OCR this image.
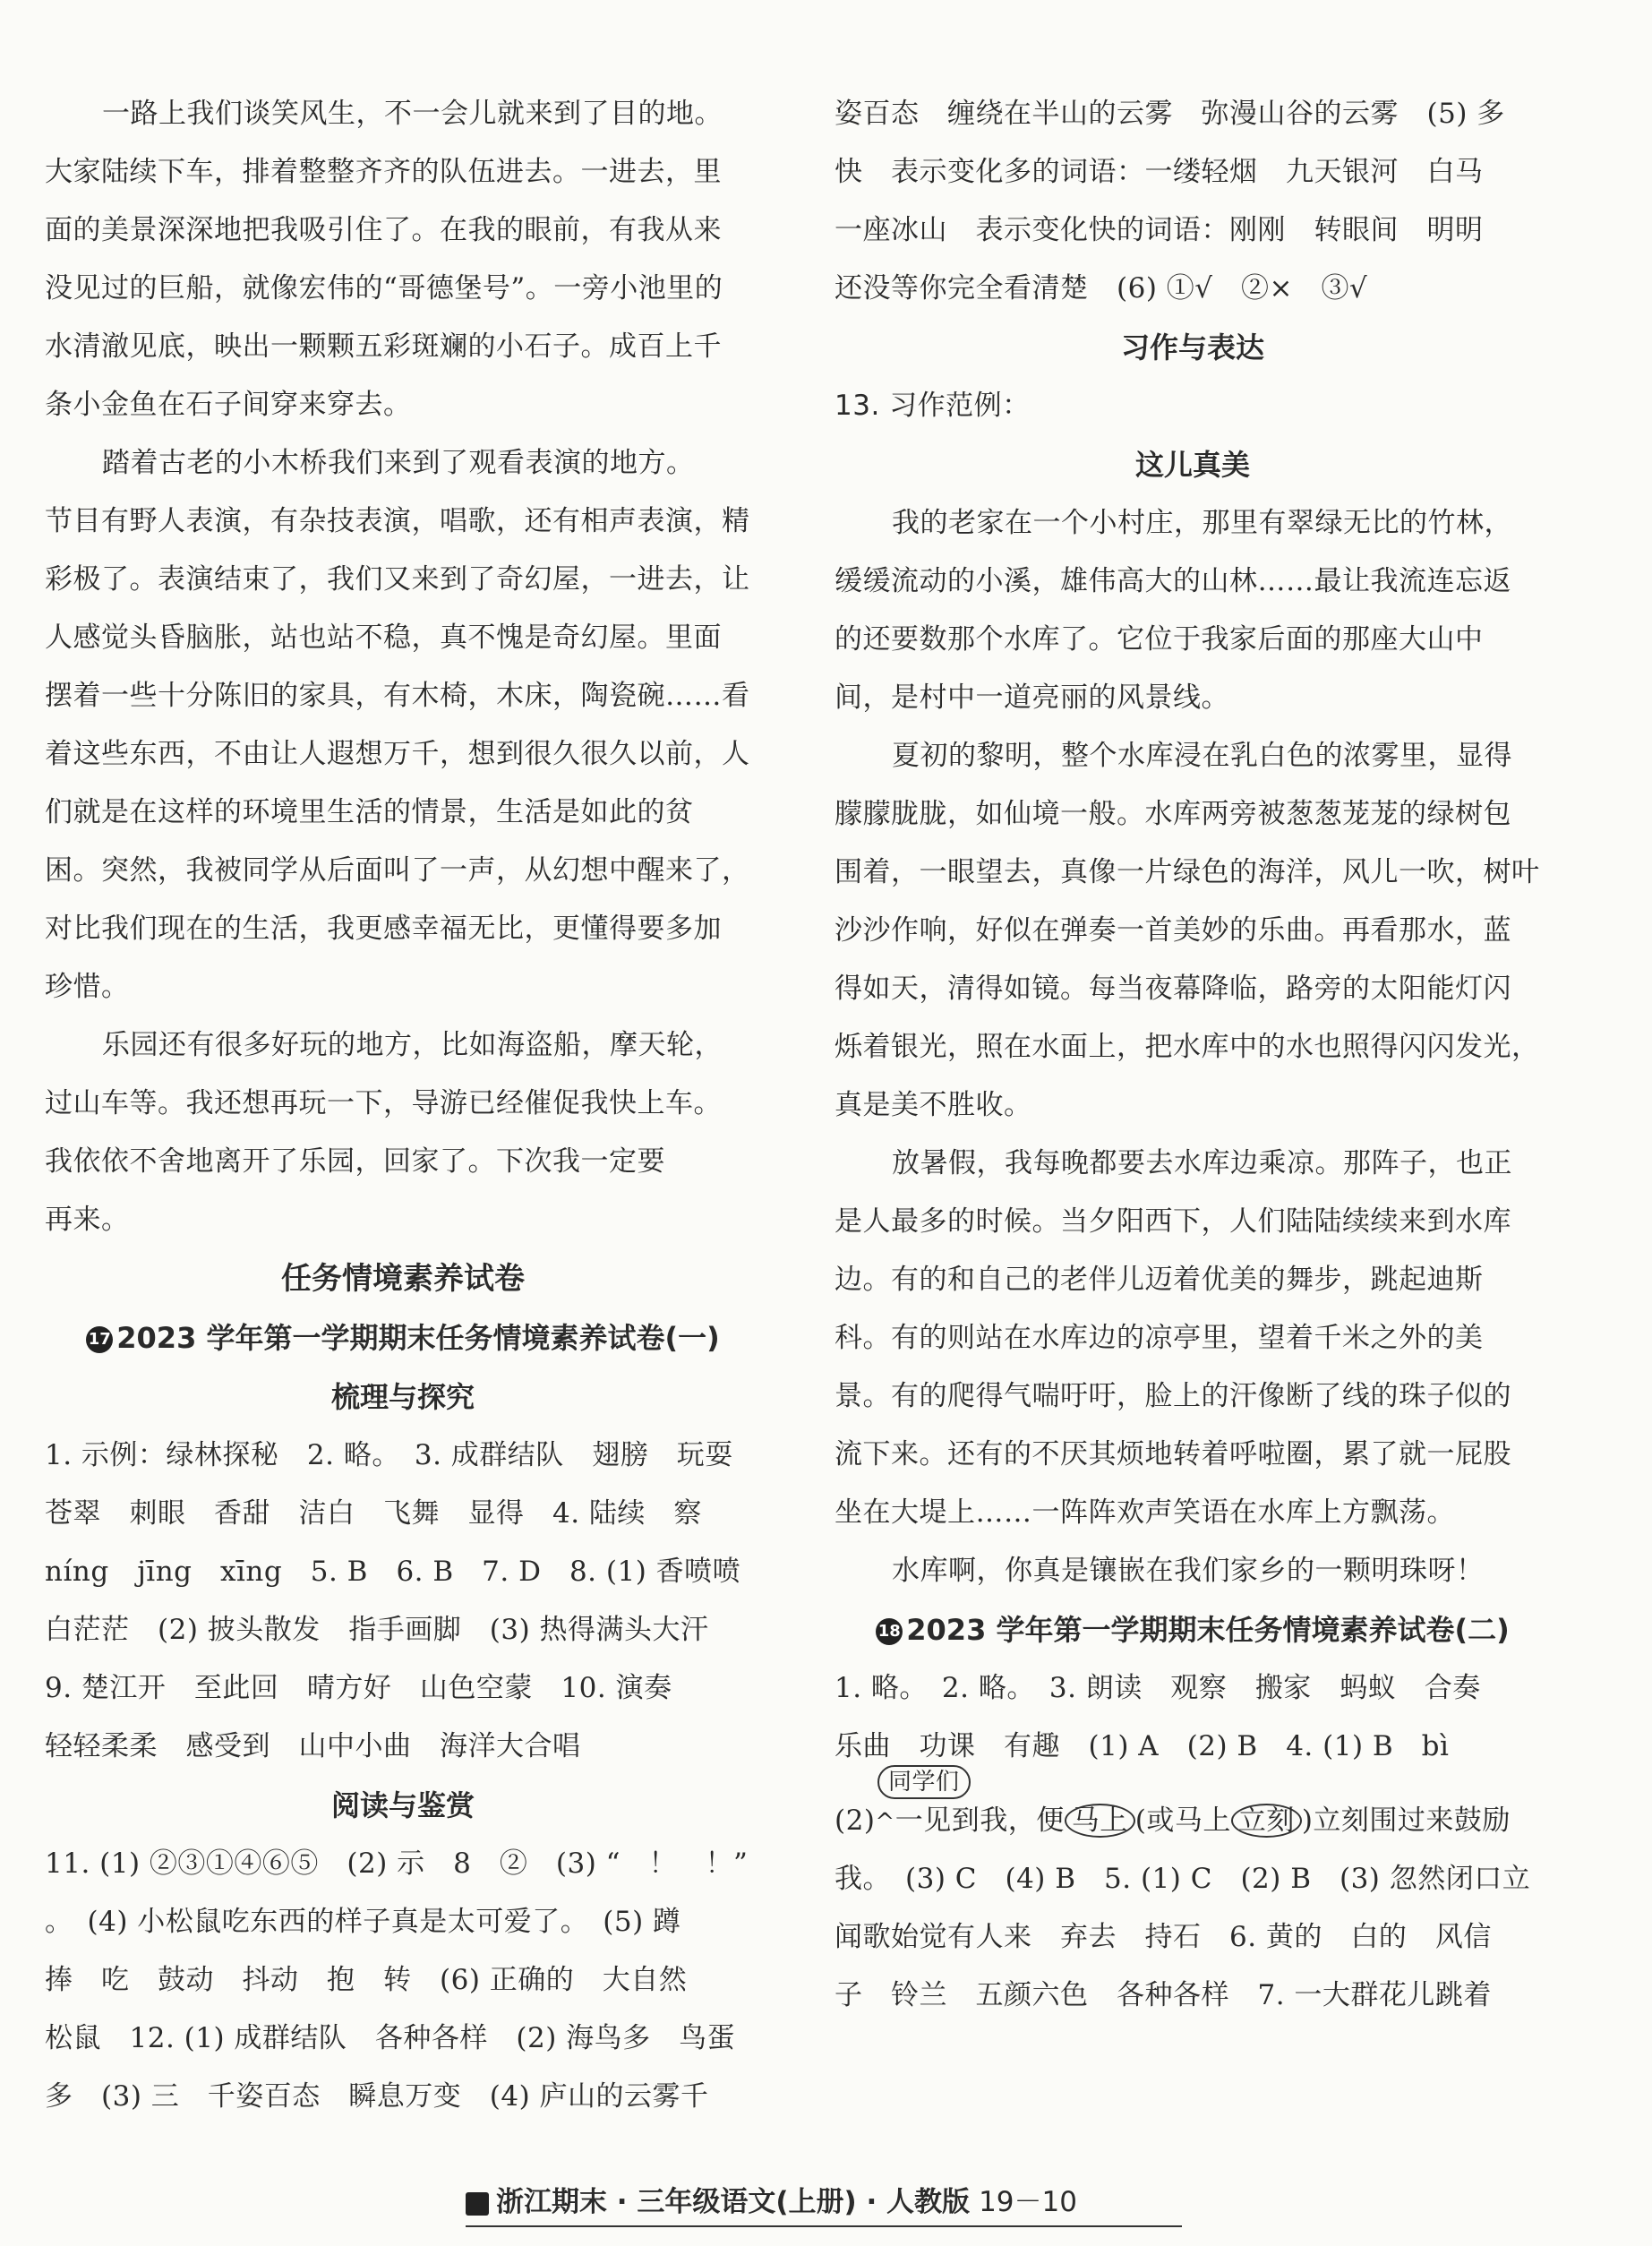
一路上我们谈笑风生，不一会儿就来到了目的地。
大家陆续下车，排着整整齐齐的队伍进去。一进去，里
面的美景深深地把我吸引住了。在我的眼前，有我从来
没见过的巨船，就像宏伟的“哥德堡号”。一旁小池里的
水清澈见底，映出一颗颗五彩斑斓的小石子。成百上千
条小金鱼在石子间穿来穿去。
踏着古老的小木桥我们来到了观看表演的地方。
节目有野人表演，有杂技表演，唱歌，还有相声表演，精
彩极了。表演结束了，我们又来到了奇幻屋，一进去，让
人感觉头昏脑胀，站也站不稳，真不愧是奇幻屋。里面
摆着一些十分陈旧的家具，有木椅，木床，陶瓷碗……看
着这些东西，不由让人遐想万千，想到很久很久以前，人
们就是在这样的环境里生活的情景，生活是如此的贫
困。突然，我被同学从后面叫了一声，从幻想中醒来了，
对比我们现在的生活，我更感幸福无比，更懂得要多加
珍惜。
乐园还有很多好玩的地方，比如海盗船，摩天轮，
过山车等。我还想再玩一下，导游已经催促我快上车。
我依依不舍地离开了乐园，回家了。下次我一定要
再来。
任务情境素养试卷
17 2023 学年第一学期期末任务情境素养试卷(一)
梳理与探究
1. 示例：绿林探秘　2. 略。　3. 成群结队　翅膀　玩耍
苍翠　刺眼　香甜　洁白　飞舞　显得　4. 陆续　察
níng　jīng　xīng　5. B　6. B　7. D　8. (1) 香喷喷
白茫茫　(2) 披头散发　指手画脚　(3) 热得满头大汗
9. 楚江开　至此回　晴方好　山色空蒙　10. 演奏
轻轻柔柔　感受到　山中小曲　海洋大合唱
阅读与鉴赏
11. (1) ②③①④⑥⑤　(2) 示　8　②　(3) “　！　！”
。　(4) 小松鼠吃东西的样子真是太可爱了。　(5) 蹲
捧　吃　鼓动　抖动　抱　转　(6) 正确的　大自然
松鼠　12. (1) 成群结队　各种各样　(2) 海鸟多　鸟蛋
多　(3) 三　千姿百态　瞬息万变　(4) 庐山的云雾千
姿百态　缠绕在半山的云雾　弥漫山谷的云雾　(5) 多
快　表示变化多的词语：一缕轻烟　九天银河　白马
一座冰山　表示变化快的词语：刚刚　转眼间　明明
还没等你完全看清楚　(6) ①√　②×　③√
习作与表达
13. 习作范例：
这儿真美
我的老家在一个小村庄，那里有翠绿无比的竹林，
缓缓流动的小溪，雄伟高大的山林……最让我流连忘返
的还要数那个水库了。它位于我家后面的那座大山中
间，是村中一道亮丽的风景线。
夏初的黎明，整个水库浸在乳白色的浓雾里，显得
朦朦胧胧，如仙境一般。水库两旁被葱葱茏茏的绿树包
围着，一眼望去，真像一片绿色的海洋，风儿一吹，树叶
沙沙作响，好似在弹奏一首美妙的乐曲。再看那水，蓝
得如天，清得如镜。每当夜幕降临，路旁的太阳能灯闪
烁着银光，照在水面上，把水库中的水也照得闪闪发光，
真是美不胜收。
放暑假，我每晚都要去水库边乘凉。那阵子，也正
是人最多的时候。当夕阳西下，人们陆陆续续来到水库
边。有的和自己的老伴儿迈着优美的舞步，跳起迪斯
科。有的则站在水库边的凉亭里，望着千米之外的美
景。有的爬得气喘吁吁，脸上的汗像断了线的珠子似的
流下来。还有的不厌其烦地转着呼啦圈，累了就一屁股
坐在大堤上……一阵阵欢声笑语在水库上方飘荡。
水库啊，你真是镶嵌在我们家乡的一颗明珠呀！
18 2023 学年第一学期期末任务情境素养试卷(二)
1. 略。　2. 略。　3. 朗读　观察　搬家　蚂蚁　合奏
乐曲　功课　有趣　(1) A　(2) B　4. (1) B　bì
同学们
(2)^一见到我，便 马上 (或马上 立刻 )立刻围过来鼓励
我。　(3) C　(4) B　5. (1) C　(2) B　(3) 忽然闭口立
闻歌始觉有人来　弃去　持石　6. 黄的　白的　风信
子　铃兰　五颜六色　各种各样　7. 一大群花儿跳着
浙江期末 · 三年级语文(上册) · 人教版 19－10
